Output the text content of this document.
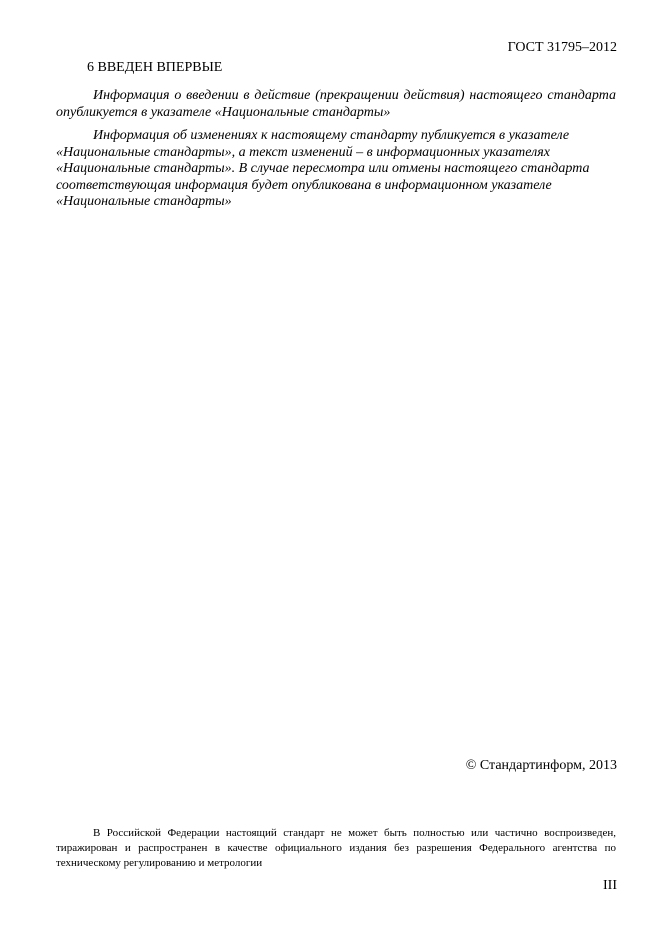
ГОСТ 31795–2012
6 ВВЕДЕН ВПЕРВЫЕ

Информация о введении в действие (прекращении действия) настоящего стандарта опубликуется в указателе «Национальные стандарты»

Информация об изменениях к настоящему стандарту публикуется в указателе «Национальные стандарты», а текст изменений – в информационных указателях «Национальные стандарты». В случае пересмотра или отмены настоящего стандарта соответствующая информация будет опубликована в информационном указателе «Национальные стандарты»

© Стандартинформ, 2013

В Российской Федерации настоящий стандарт не может быть полностью или частично воспроизведен, тиражирован и распространен в качестве официального издания без разрешения Федерального агентства по техническому регулированию и метрологии

III
